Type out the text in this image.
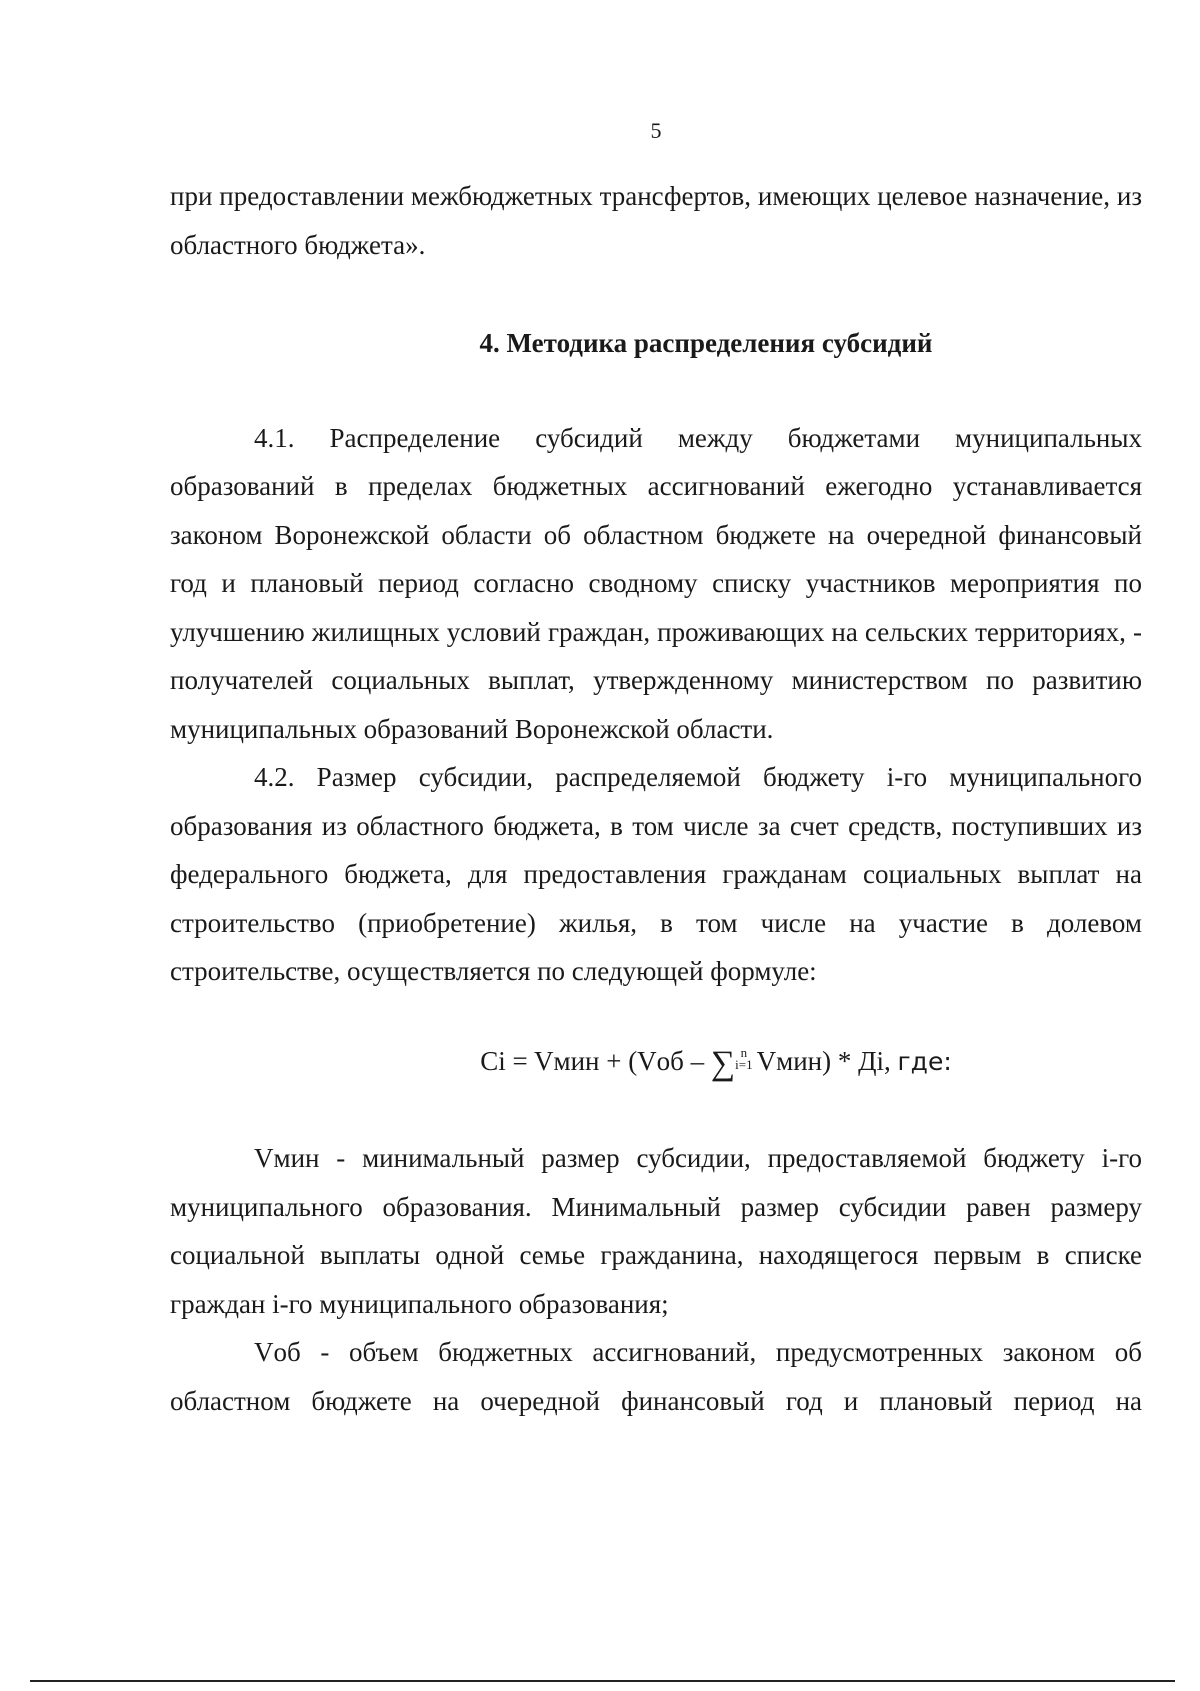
5

при предоставлении межбюджетных трансфертов, имеющих целевое назначение, из областного бюджета».

4. Методика распределения субсидий

4.1. Распределение субсидий между бюджетами муниципальных образований в пределах бюджетных ассигнований ежегодно устанавливается законом Воронежской области об областном бюджете на очередной финансовый год и плановый период согласно сводному списку участников мероприятия по улучшению жилищных условий граждан, проживающих на сельских территориях, - получателей социальных выплат, утвержденному министерством по развитию муниципальных образований Воронежской области.

4.2. Размер субсидии, распределяемой бюджету i-го муниципального образования из областного бюджета, в том числе за счет средств, поступивших из федерального бюджета, для предоставления гражданам социальных выплат на строительство (приобретение) жилья, в том числе на участие в долевом строительстве, осуществляется по следующей формуле:

Ci = Vмин + (Vоб – ∑ n
i=1 Vмин) * Дi, где:

Vмин - минимальный размер субсидии, предоставляемой бюджету i-го муниципального образования. Минимальный размер субсидии равен размеру социальной выплаты одной семье гражданина, находящегося первым в списке граждан i-го муниципального образования;

Vоб - объем бюджетных ассигнований, предусмотренных законом об областном бюджете на очередной финансовый год и плановый период на
